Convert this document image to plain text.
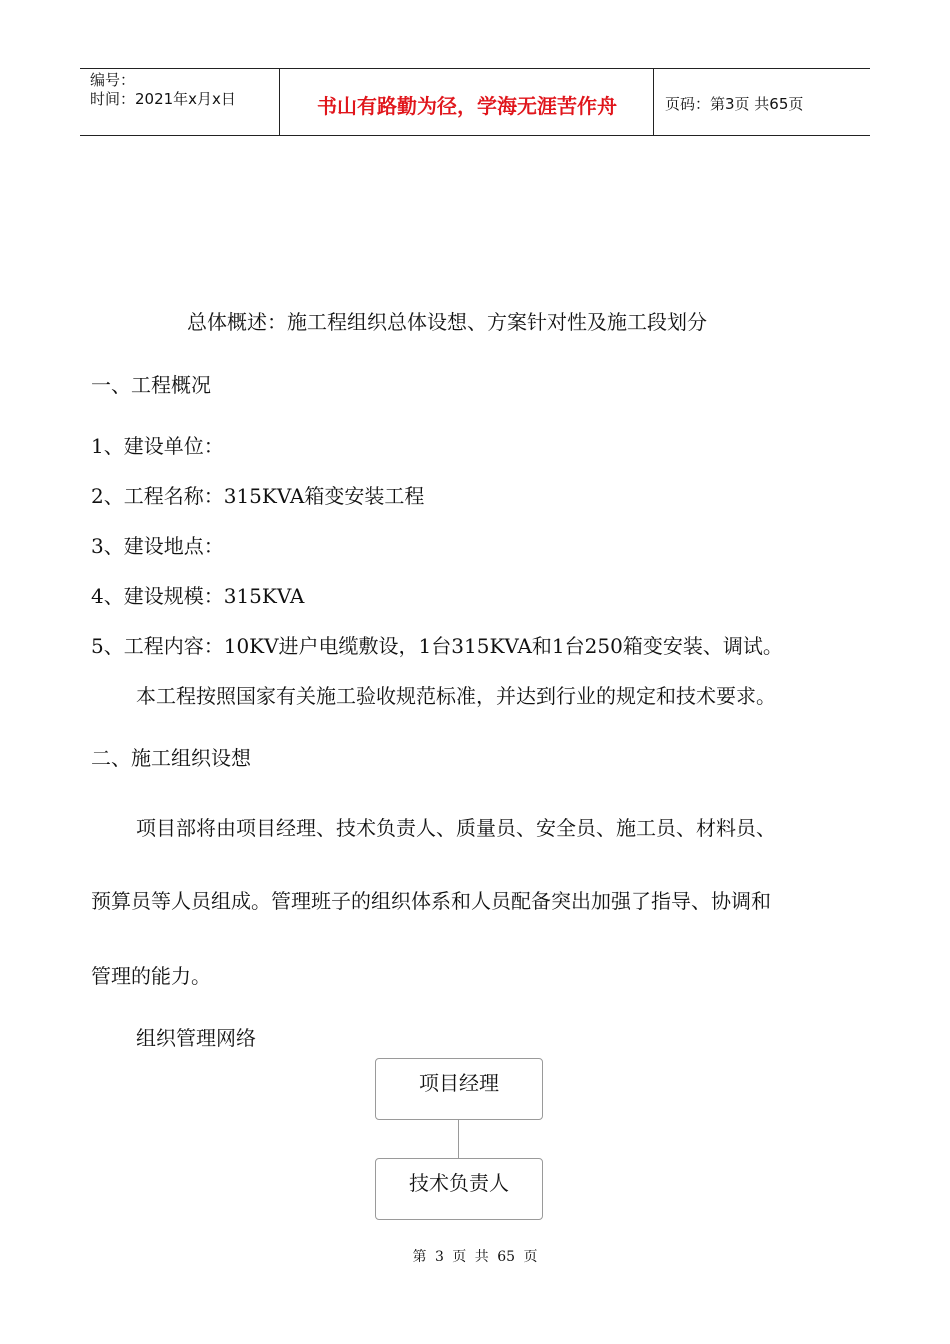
编号：
时间：2021年x月x日	书山有路勤为径，学海无涯苦作舟	页码：第3页 共65页
总体概述：施工程组织总体设想、方案针对性及施工段划分
一、工程概况
1、建设单位：
2、工程名称：315KVA箱变安装工程
3、建设地点：
4、建设规模：315KVA
5、工程内容：10KV进户电缆敷设，1台315KVA和1台250箱变安装、调试。
本工程按照国家有关施工验收规范标准，并达到行业的规定和技术要求。
二、施工组织设想
项目部将由项目经理、技术负责人、质量员、安全员、施工员、材料员、
预算员等人员组成。管理班子的组织体系和人员配备突出加强了指导、协调和
管理的能力。
组织管理网络
项目经理
技术负责人
第 3 页 共 65 页
